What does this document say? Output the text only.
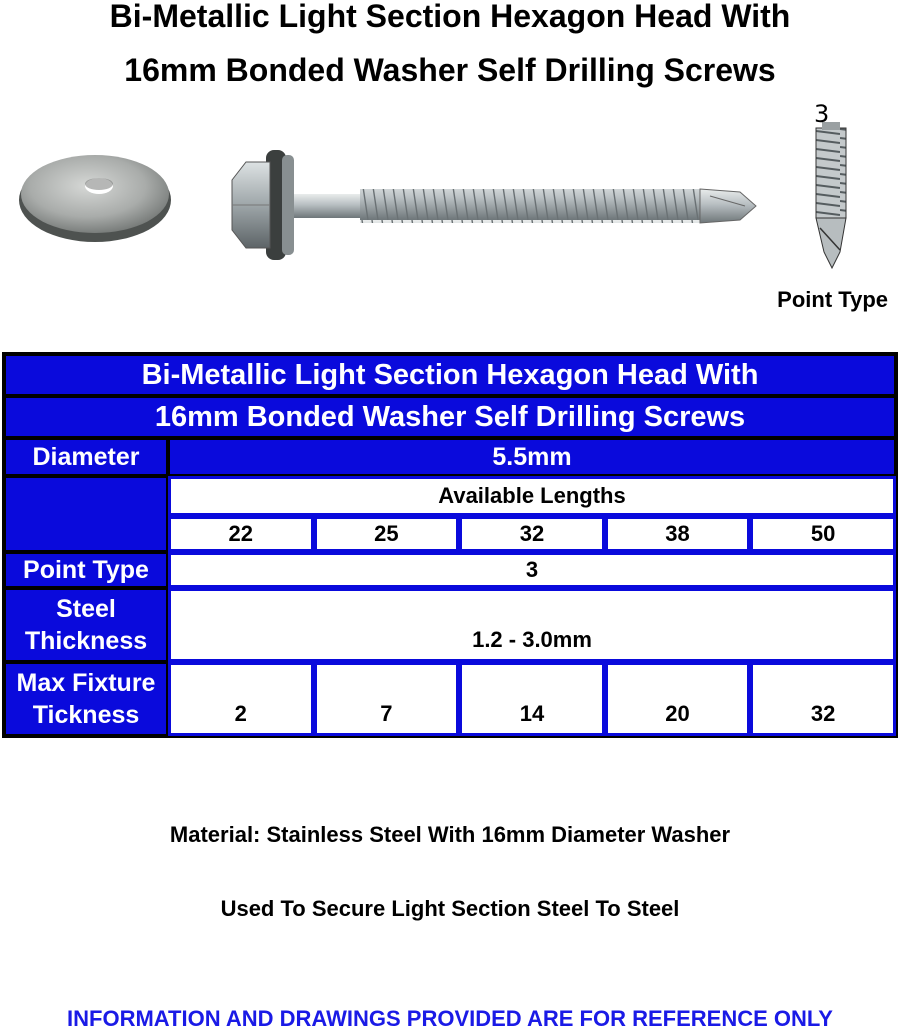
Bi-Metallic Light Section Hexagon Head With
16mm Bonded Washer Self Drilling Screws
3
Point Type
Bi-Metallic Light Section Hexagon Head With					
16mm Bonded Washer Self Drilling Screws					
Diameter	5.5mm				
	Available Lengths				
	22	25	32	38	50
Point Type	3				

Steel
Thickness	1.2 - 3.0mm				

Max Fixture
Tickness	2	7	14	20	32
Material: Stainless Steel With 16mm Diameter Washer
Used To Secure Light Section Steel To Steel
INFORMATION AND DRAWINGS PROVIDED ARE FOR REFERENCE ONLY
